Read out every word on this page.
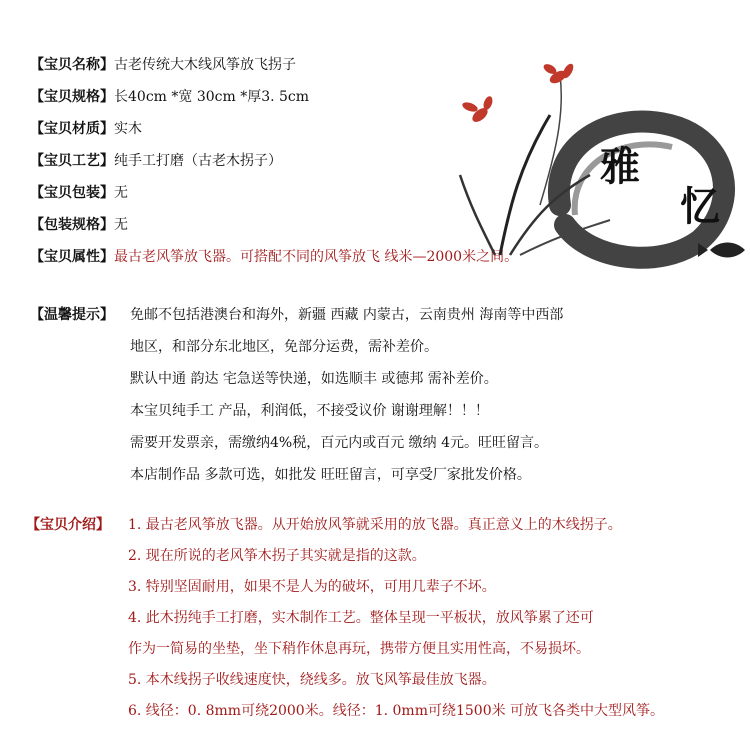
【宝贝名称】古老传统大木线风筝放飞拐子
【宝贝规格】长40cm *宽 30cm *厚3. 5cm
【宝贝材质】实木
【宝贝工艺】纯手工打磨（古老木拐子）
【宝贝包装】无
【包装规格】无
【宝贝属性】最古老风筝放飞器。可搭配不同的风筝放飞 线米—2000米之间。
【温馨提示】 免邮不包括港澳台和海外，新疆 西藏 内蒙古，云南贵州 海南等中西部
地区，和部分东北地区，免部分运费，需补差价。
默认中通 韵达 宅急送等快递，如选顺丰 或德邦 需补差价。
本宝贝纯手工 产品，利润低，不接受议价 谢谢理解！！！
需要开发票亲，需缴纳4%税，百元内或百元 缴纳 4元。旺旺留言。
本店制作品 多款可选，如批发 旺旺留言，可享受厂家批发价格。
【宝贝介绍】 1. 最古老风筝放飞器。从开始放风筝就采用的放飞器。真正意义上的木线拐子。
2. 现在所说的老风筝木拐子其实就是指的这款。
3. 特别坚固耐用，如果不是人为的破坏，可用几辈子不坏。
4. 此木拐纯手工打磨，实木制作工艺。整体呈现一平板状，放风筝累了还可
作为一简易的坐垫，坐下稍作休息再玩，携带方便且实用性高，不易损坏。
5. 本木线拐子收线速度快，绕线多。放飞风筝最佳放飞器。
6. 线径：0. 8mm可绕2000米。线径：1. 0mm可绕1500米 可放飞各类中大型风筝。
雅
忆
